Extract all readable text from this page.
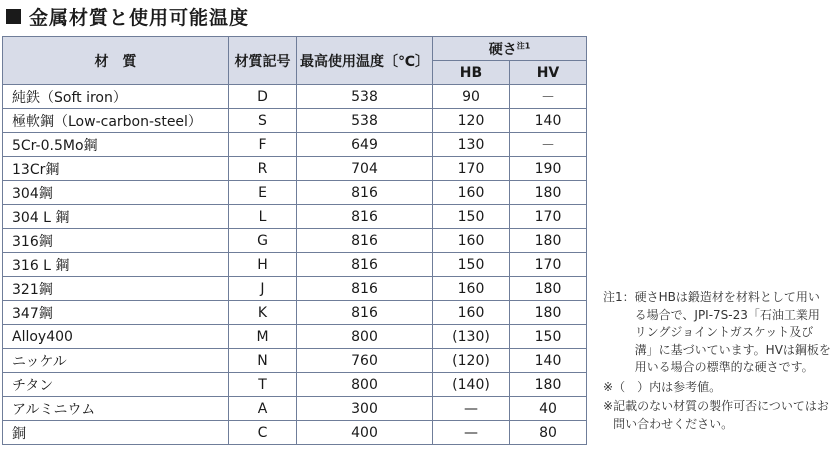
金属材質と使用可能温度
材　質	材質記号	最高使用温度〔℃〕	硬さ$^{注1}$
			HB	HV
純鉄（Soft iron）	D	538	90	－
極軟鋼（Low-carbon-steel）	S	538	120	140
5Cr-0.5Mo鋼	F	649	130	－
13Cr鋼	R	704	170	190
304鋼	E	816	160	180
304 L 鋼	L	816	150	170
316鋼	G	816	160	180
316 L 鋼	H	816	150	170
321鋼	J	816	160	180
347鋼	K	816	160	180
Alloy400	M	800	(130)	150
ニッケル	N	760	(120)	140
チタン	T	800	(140)	180
アルミニウム	A	300	—	40
銅	C	400	—	80
注1： 硬さHBは鍛造材を材料として用いる場合で、JPI-7S-23「石油工業用リングジョイントガスケット及び溝」に基づいています。HVは鋼板を用いる場合の標準的な硬さです。
※ （　）内は参考値。
※ 記載のない材質の製作可否についてはお問い合わせください。
